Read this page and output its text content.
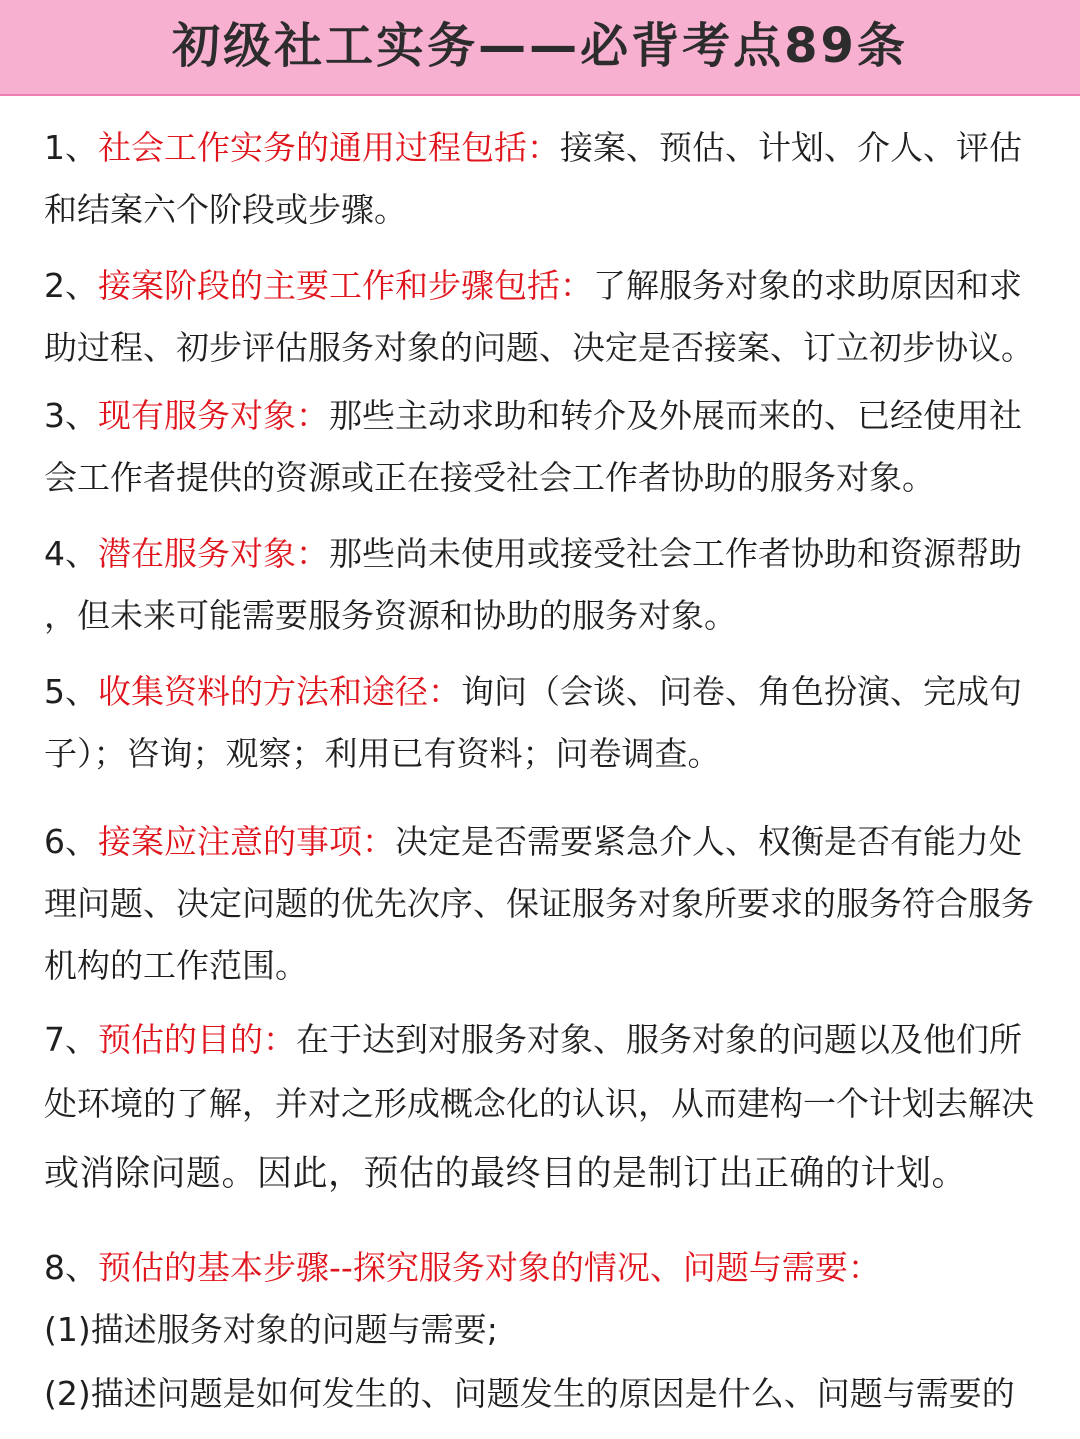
初级社工实务——必背考点89条
1、社会工作实务的通用过程包括：接案、预估、计划、介人、评估
和结案六个阶段或步骤。
2、接案阶段的主要工作和步骤包括：了解服务对象的求助原因和求
助过程、初步评估服务对象的问题、决定是否接案、订立初步协议。
3、现有服务对象：那些主动求助和转介及外展而来的、已经使用社
会工作者提供的资源或正在接受社会工作者协助的服务对象。
4、潜在服务对象：那些尚未使用或接受社会工作者协助和资源帮助
，但未来可能需要服务资源和协助的服务对象。
5、收集资料的方法和途径：询问（会谈、问卷、角色扮演、完成句
子）；咨询；观察；利用已有资料；问卷调查。
6、接案应注意的事项：决定是否需要紧急介人、权衡是否有能力处
理问题、决定问题的优先次序、保证服务对象所要求的服务符合服务
机构的工作范围。
7、预估的目的：在于达到对服务对象、服务对象的问题以及他们所
处环境的了解，并对之形成概念化的认识，从而建构一个计划去解决
或消除问题。因此，预估的最终目的是制订出正确的计划。
8、预估的基本步骤--探究服务对象的情况、问题与需要：
(1)描述服务对象的问题与需要;
(2)描述问题是如何发生的、问题发生的原因是什么、问题与需要的
